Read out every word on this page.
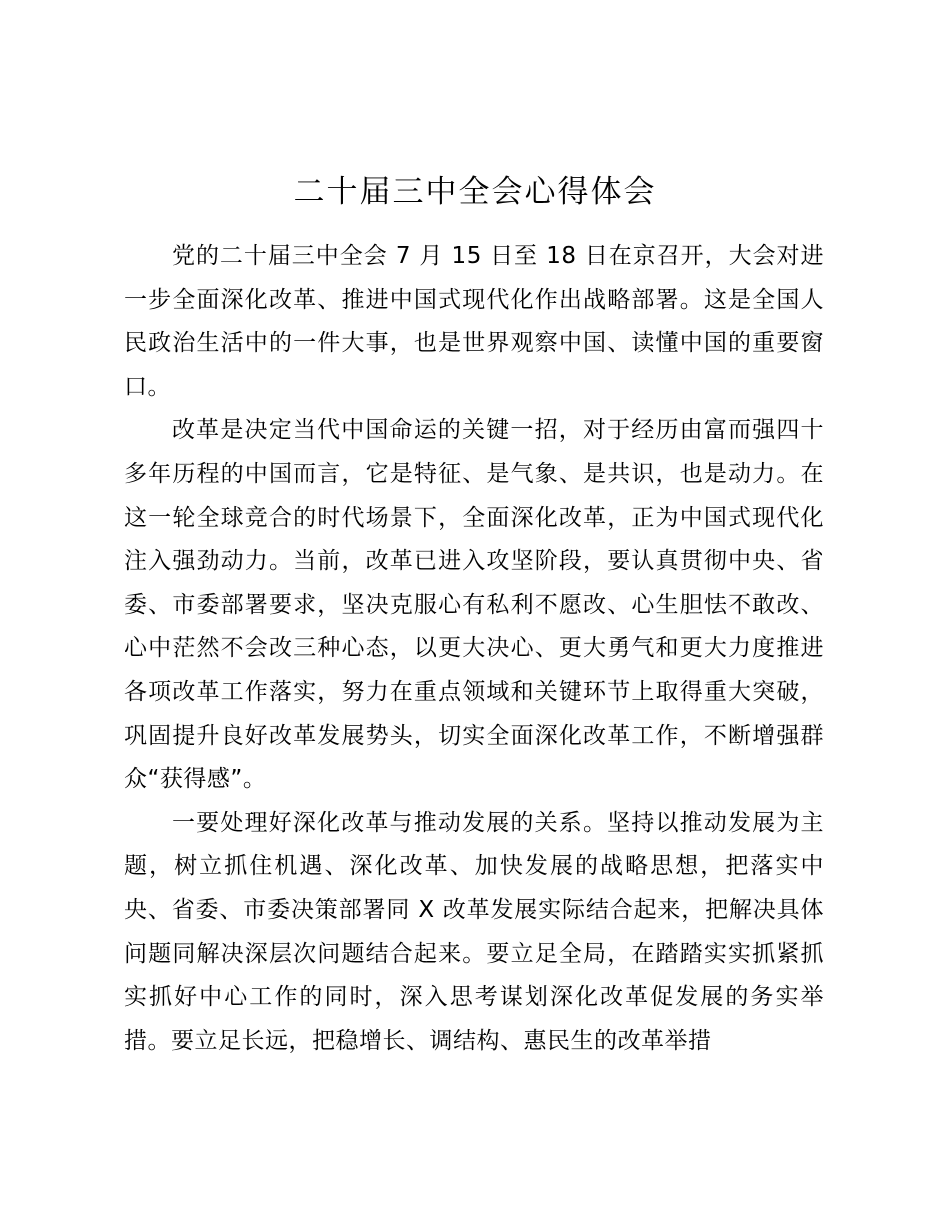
二十届三中全会心得体会

党的二十届三中全会 7 月 15 日至 18 日在京召开，大会对进一步全面深化改革、推进中国式现代化作出战略部署。这是全国人民政治生活中的一件大事，也是世界观察中国、读懂中国的重要窗口。

改革是决定当代中国命运的关键一招，对于经历由富而强四十多年历程的中国而言，它是特征、是气象、是共识，也是动力。在这一轮全球竞合的时代场景下，全面深化改革，正为中国式现代化注入强劲动力。当前，改革已进入攻坚阶段，要认真贯彻中央、省委、市委部署要求，坚决克服心有私利不愿改、心生胆怯不敢改、心中茫然不会改三种心态，以更大决心、更大勇气和更大力度推进各项改革工作落实，努力在重点领域和关键环节上取得重大突破，巩固提升良好改革发展势头，切实全面深化改革工作，不断增强群众“获得感”。

一要处理好深化改革与推动发展的关系。坚持以推动发展为主题，树立抓住机遇、深化改革、加快发展的战略思想，把落实中央、省委、市委决策部署同 X 改革发展实际结合起来，把解决具体问题同解决深层次问题结合起来。要立足全局，在踏踏实实抓紧抓实抓好中心工作的同时，深入思考谋划深化改革促发展的务实举措。要立足长远，把稳增长、调结构、惠民生的改革举措
